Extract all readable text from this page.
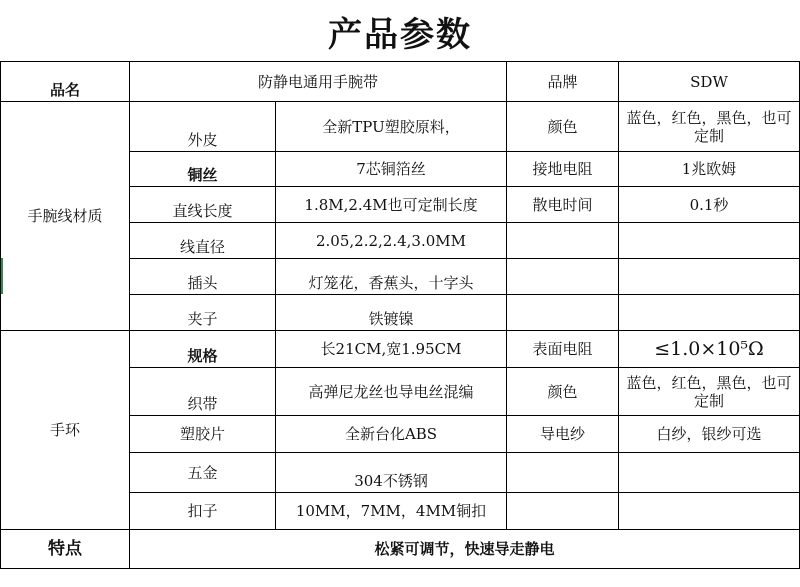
产品参数
品名	防静电通用手腕带		品牌	SDW
手腕线材质	外皮	全新TPU塑胶原料，	颜色	蓝色，红色，黑色，也可定制
	铜丝	7芯铜箔丝	接地电阻	1兆欧姆
	直线长度	1.8M,2.4M也可定制长度	散电时间	0.1秒
	线直径	2.05,2.2,2.4,3.0MM		
	插头	灯笼花，香蕉头，十字头		
	夹子	铁镀镍		
手环	规格	长21CM,宽1.95CM	表面电阻	≤1.0×10⁵Ω
	织带	高弹尼龙丝也导电丝混编	颜色	蓝色，红色，黑色，也可定制
	塑胶片	全新台化ABS	导电纱	白纱，银纱可选
	五金	304不锈钢		
	扣子	10MM，7MM，4MM铜扣		
特点	松紧可调节，快速导走静电			
